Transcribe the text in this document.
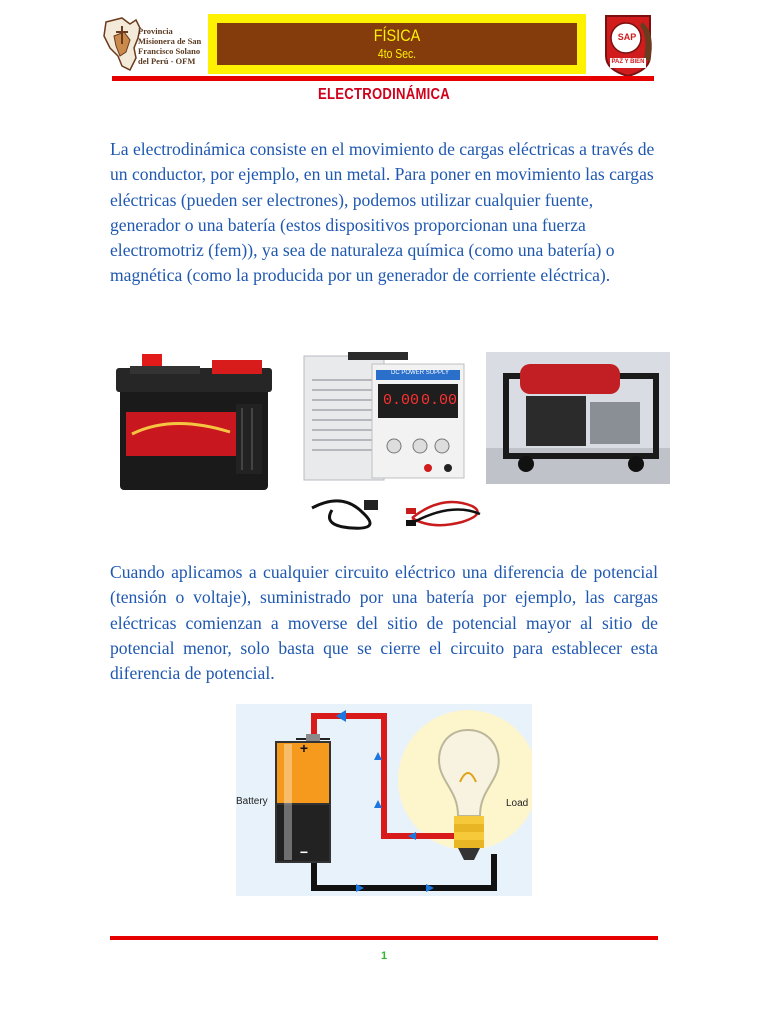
Provincia
Misionera de San
Francisco Solano
del Perú - OFM
FÍSICA
4to Sec.
SAP
PAZ Y BIEN
ELECTRODINÁMICA
La electrodinámica consiste en el movimiento de cargas eléctricas a través de un conductor, por ejemplo, en un metal. Para poner en movimiento las cargas eléctricas (pueden ser electrones), podemos utilizar cualquier fuente, generador o una batería (estos dispositivos proporcionan una fuerza electromotriz (fem)), ya sea de naturaleza química (como una batería) o magnética (como la producida por un generador de corriente eléctrica).
DC POWER SUPPLY
0.00 0.00
Cuando aplicamos a cualquier circuito eléctrico una diferencia de potencial (tensión o voltaje), suministrado por una batería por ejemplo, las cargas eléctricas comienzan a moverse del sitio de potencial mayor al sitio de potencial menor, solo basta que se cierre el circuito para establecer esta diferencia de potencial.
+
−
Battery	Load
1
